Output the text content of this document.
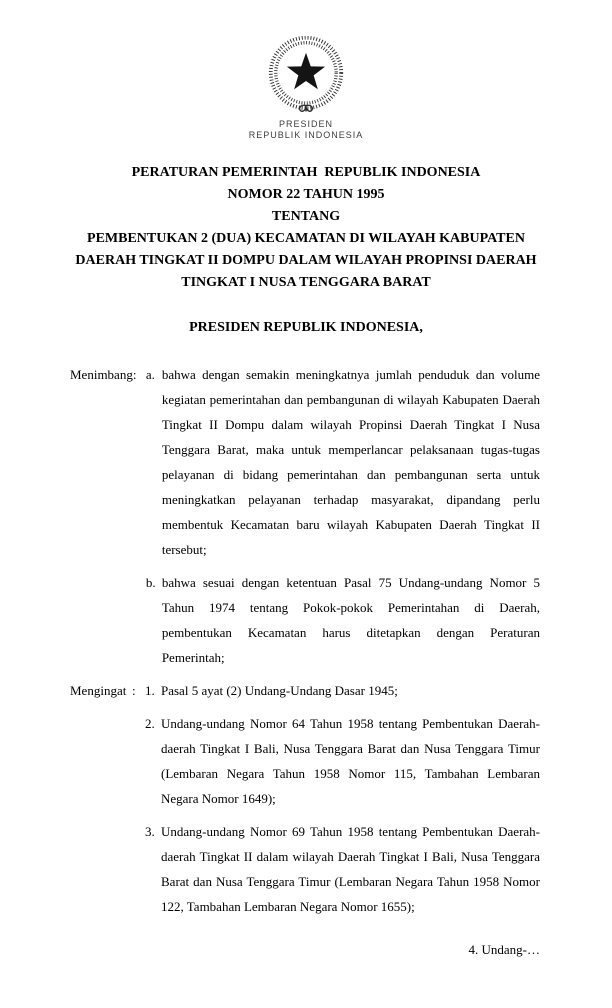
PRESIDEN
REPUBLIK INDONESIA
PERATURAN PEMERINTAH  REPUBLIK INDONESIA
NOMOR 22 TAHUN 1995
TENTANG
PEMBENTUKAN 2 (DUA) KECAMATAN DI WILAYAH KABUPATEN
DAERAH TINGKAT II DOMPU DALAM WILAYAH PROPINSI DAERAH
TINGKAT I NUSA TENGGARA BARAT
PRESIDEN REPUBLIK INDONESIA,
Menimbang : a. bahwa dengan semakin meningkatnya jumlah penduduk dan volume kegiatan pemerintahan dan pembangunan di wilayah Kabupaten Daerah Tingkat II Dompu dalam wilayah Propinsi Daerah Tingkat I Nusa Tenggara Barat, maka untuk memperlancar pelaksanaan tugas-tugas pelayanan di bidang pemerintahan dan pembangunan serta untuk meningkatkan pelayanan terhadap masyarakat, dipandang perlu membentuk Kecamatan baru wilayah Kabupaten Daerah Tingkat II tersebut;

b. bahwa sesuai dengan ketentuan Pasal 75 Undang-undang Nomor 5 Tahun 1974 tentang Pokok-pokok Pemerintahan di Daerah, pembentukan Kecamatan harus ditetapkan dengan Peraturan Pemerintah;

Mengingat : 1. Pasal 5 ayat (2) Undang-Undang Dasar 1945;

2. Undang-undang Nomor 64 Tahun 1958 tentang Pembentukan Daerah-daerah Tingkat I Bali, Nusa Tenggara Barat dan Nusa Tenggara Timur (Lembaran Negara Tahun 1958 Nomor 115, Tambahan Lembaran Negara Nomor 1649);

3. Undang-undang Nomor 69 Tahun 1958 tentang Pembentukan Daerah-daerah Tingkat II dalam wilayah Daerah Tingkat I Bali, Nusa Tenggara Barat dan Nusa Tenggara Timur (Lembaran Negara Tahun 1958 Nomor 122, Tambahan Lembaran Negara Nomor 1655);

4. Undang-…
